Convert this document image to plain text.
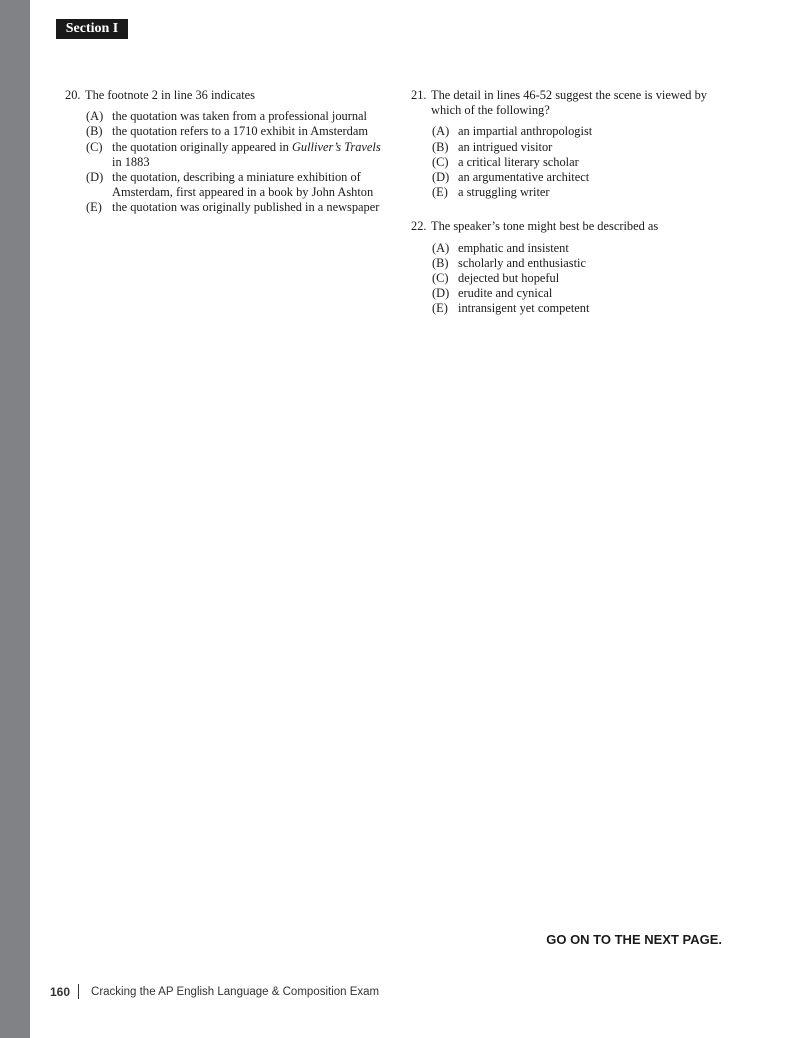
Section I
20. The footnote 2 in line 36 indicates
(A) the quotation was taken from a professional journal
(B) the quotation refers to a 1710 exhibit in Amsterdam
(C) the quotation originally appeared in Gulliver’s Travels in 1883
(D) the quotation, describing a miniature exhibition of Amsterdam, first appeared in a book by John Ashton
(E) the quotation was originally published in a newspaper
21. The detail in lines 46-52 suggest the scene is viewed by which of the following?
(A) an impartial anthropologist
(B) an intrigued visitor
(C) a critical literary scholar
(D) an argumentative architect
(E) a struggling writer
22. The speaker’s tone might best be described as
(A) emphatic and insistent
(B) scholarly and enthusiastic
(C) dejected but hopeful
(D) erudite and cynical
(E) intransigent yet competent
GO ON TO THE NEXT PAGE.
160 Cracking the AP English Language & Composition Exam
